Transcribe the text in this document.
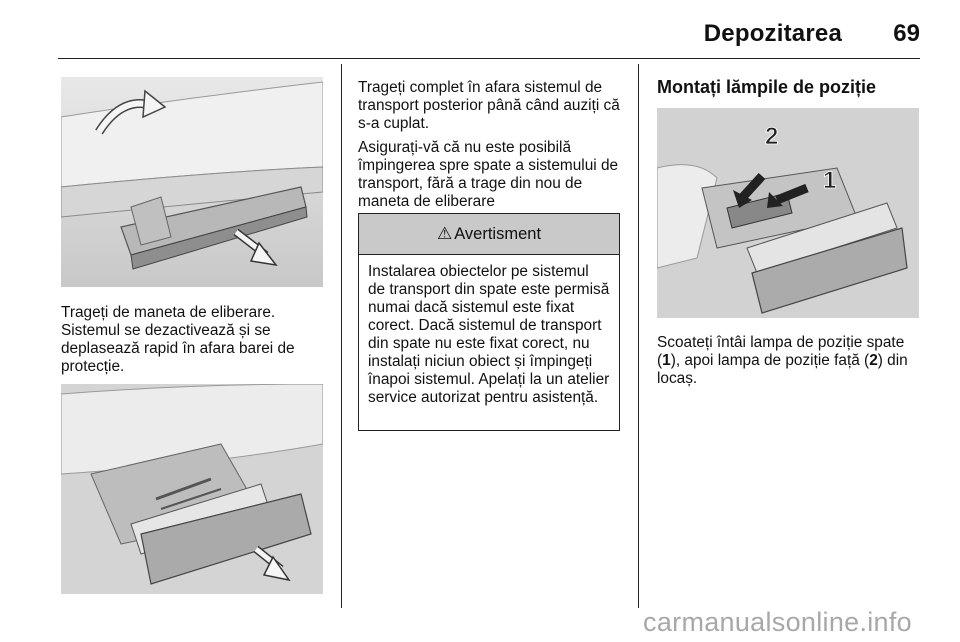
Depozitarea 69

Trageți de maneta de eliberare. Sistemul se dezactivează și se deplasează rapid în afara barei de protecție.

Trageți complet în afara sistemul de transport posterior până când auziți că s-a cuplat.

Asigurați-vă că nu este posibilă împingerea spre spate a sistemului de transport, fără a trage din nou de maneta de eliberare

⚠ Avertisment
Instalarea obiectelor pe sistemul de transport din spate este permisă numai dacă sistemul este fixat corect. Dacă sistemul de transport din spate nu este fixat corect, nu instalați niciun obiect și împingeți înapoi sistemul. Apelați la un atelier service autorizat pentru asistență.
Montați lămpile de poziție
2
1

Scoateți întâi lampa de poziție spate (1), apoi lampa de poziție față (2) din locaș.

carmanualsonline.info
